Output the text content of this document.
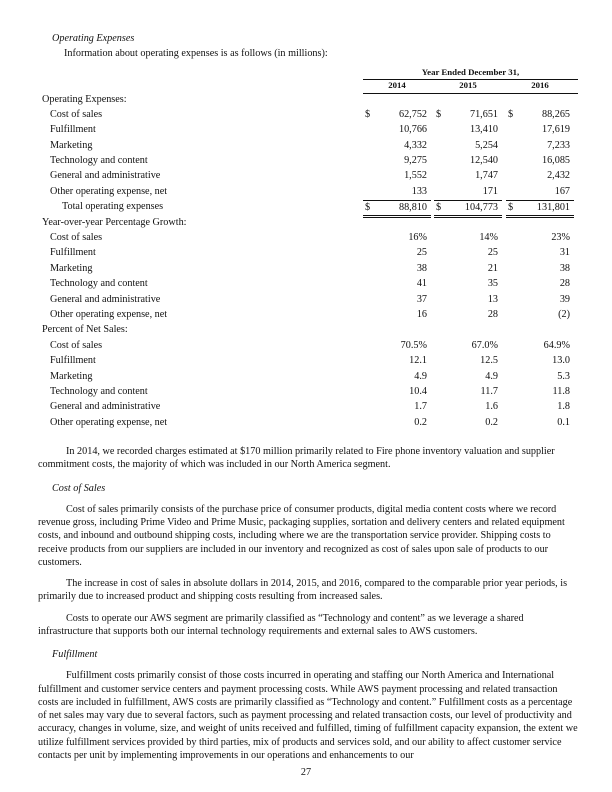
Operating Expenses
Information about operating expenses is as follows (in millions):
Year Ended December 31,
2014	2015	2016
Operating Expenses:
Cost of sales	$	62,752 $	71,651 $	88,265
Fulfillment	10,766	13,410	17,619
Marketing	4,332	5,254	7,233
Technology and content	9,275	12,540	16,085
General and administrative	1,552	1,747	2,432
Other operating expense, net	133	171	167
Total operating expenses	$	88,810 $ 104,773 $ 131,801
Year-over-year Percentage Growth:
Cost of sales	16%	14%	23%
Fulfillment	25	25	31
Marketing	38	21	38
Technology and content	41	35	28
General and administrative	37	13	39
Other operating expense, net	16	28	(2)
Percent of Net Sales:
Cost of sales	70.5%	67.0%	64.9%
Fulfillment	12.1	12.5	13.0
Marketing	4.9	4.9	5.3
Technology and content	10.4	11.7	11.8
General and administrative	1.7	1.6	1.8
Other operating expense, net	0.2	0.2	0.1
In 2014, we recorded charges estimated at $170 million primarily related to Fire phone inventory valuation and supplier commitment costs, the majority of which was included in our North America segment.
Cost of Sales
Cost of sales primarily consists of the purchase price of consumer products, digital media content costs where we record revenue gross, including Prime Video and Prime Music, packaging supplies, sortation and delivery centers and related equipment costs, and inbound and outbound shipping costs, including where we are the transportation service provider. Shipping costs to receive products from our suppliers are included in our inventory and recognized as cost of sales upon sale of products to our customers.
The increase in cost of sales in absolute dollars in 2014, 2015, and 2016, compared to the comparable prior year periods, is primarily due to increased product and shipping costs resulting from increased sales.
Costs to operate our AWS segment are primarily classified as “Technology and content” as we leverage a shared infrastructure that supports both our internal technology requirements and external sales to AWS customers.
Fulfillment
Fulfillment costs primarily consist of those costs incurred in operating and staffing our North America and International fulfillment and customer service centers and payment processing costs. While AWS payment processing and related transaction costs are included in fulfillment, AWS costs are primarily classified as “Technology and content.” Fulfillment costs as a percentage of net sales may vary due to several factors, such as payment processing and related transaction costs, our level of productivity and accuracy, changes in volume, size, and weight of units received and fulfilled, timing of fulfillment capacity expansion, the extent we utilize fulfillment services provided by third parties, mix of products and services sold, and our ability to affect customer service contacts per unit by implementing improvements in our operations and enhancements to our
27
